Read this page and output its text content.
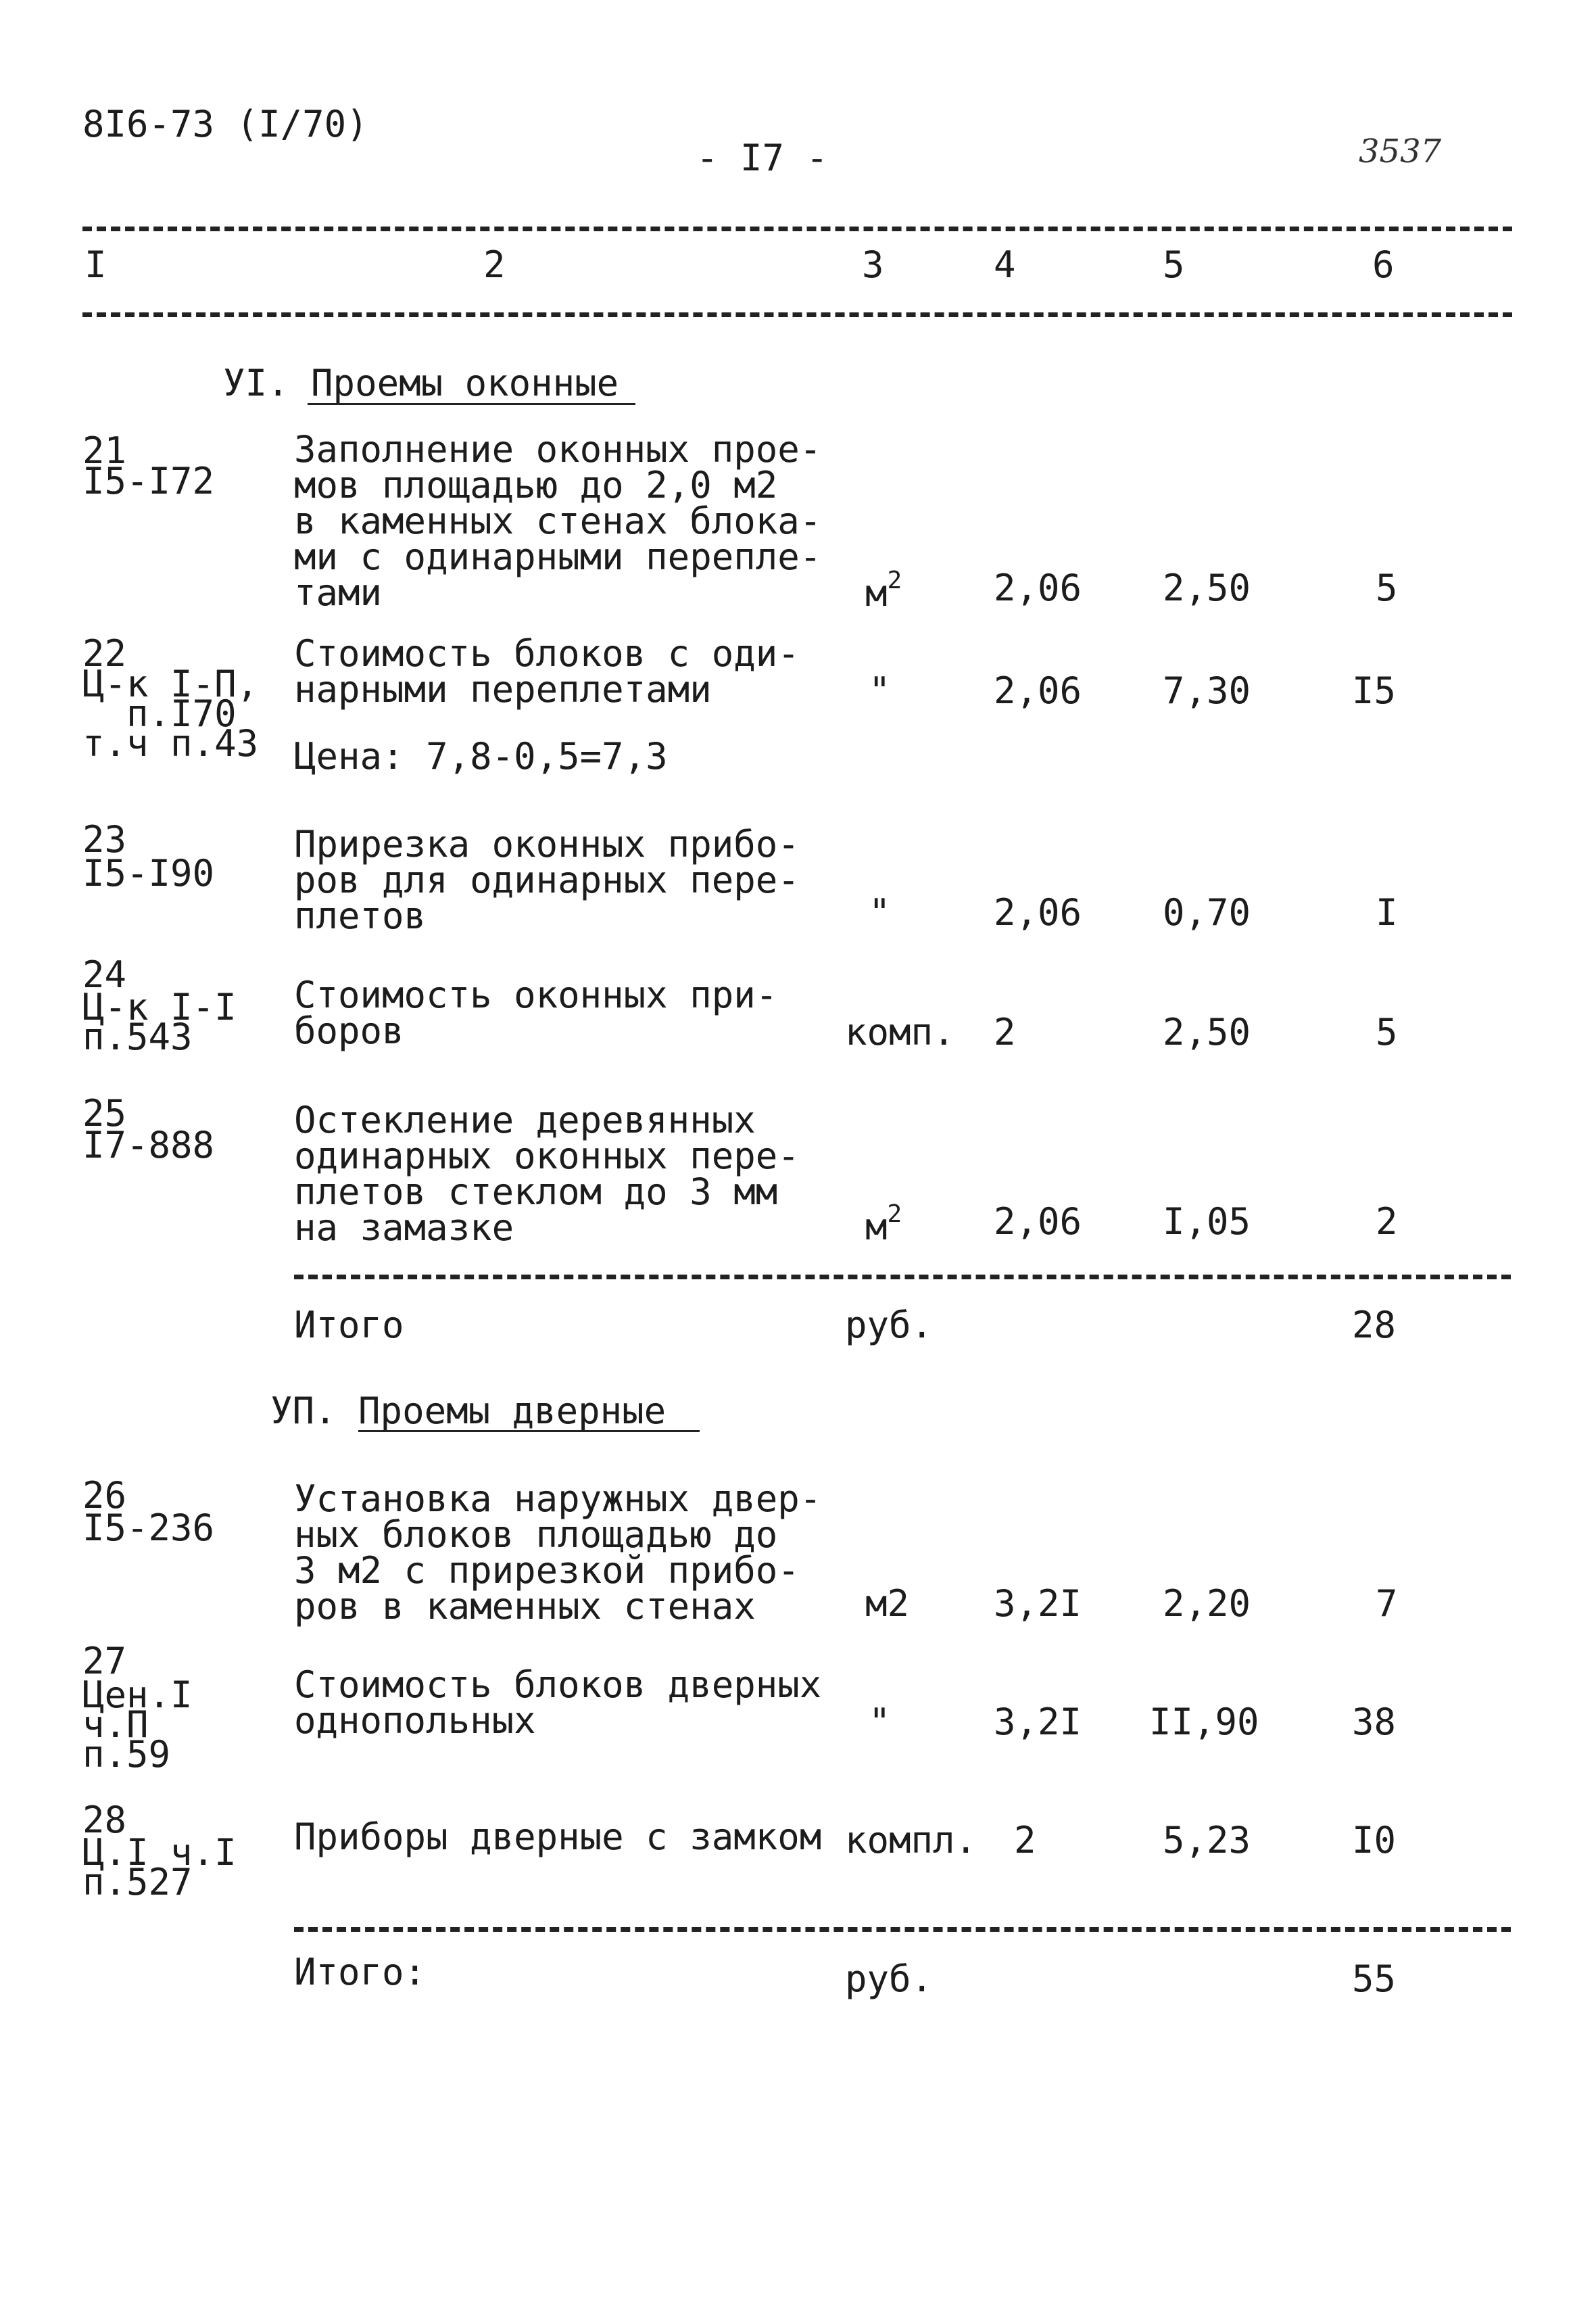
8I6-73 (I/70)
- I7 -	3537
I	2	3	4	5	6
УI. Проемы оконные
21
I5-I72
Заполнение оконных прое-
мов площадью до 2,0 м2
в каменных стенах блока-
ми с одинарными перепле-
тами	$м^2$	2,06 2,50	5
22
Ц-к I-П,
п.I70
т.ч п.43
Стоимость блоков с оди-
нарными переплетами
Цена: 7,8-0,5=7,3
"	2,06 7,30	I5
23
I5-I90
Прирезка оконных прибо-
ров для одинарных пере-
плетов	"	2,06 0,70	I
24
Ц-к I-I
п.543
Стоимость оконных при-
боров	комп. 2	2,50	5
25
I7-888
Остекление деревянных
одинарных оконных пере-
плетов стеклом до 3 мм
на замазке	$м^2$	2,06 I,05	2
Итого	руб.	28
УП. Проемы дверные
26
I5-236
Установка наружных двер-
ных блоков площадью до
3 м2 с прирезкой прибо-
ров в каменных стенах	м2 3,2I 2,20	7
27
Цен.I
ч.П
п.59
Стоимость блоков дверных
однопольных	"	3,2I II,90	38
28
Ц.I ч.I
п.527
Приборы дверные с замком компл. 2	5,23	I0
Итого:	руб.	55
